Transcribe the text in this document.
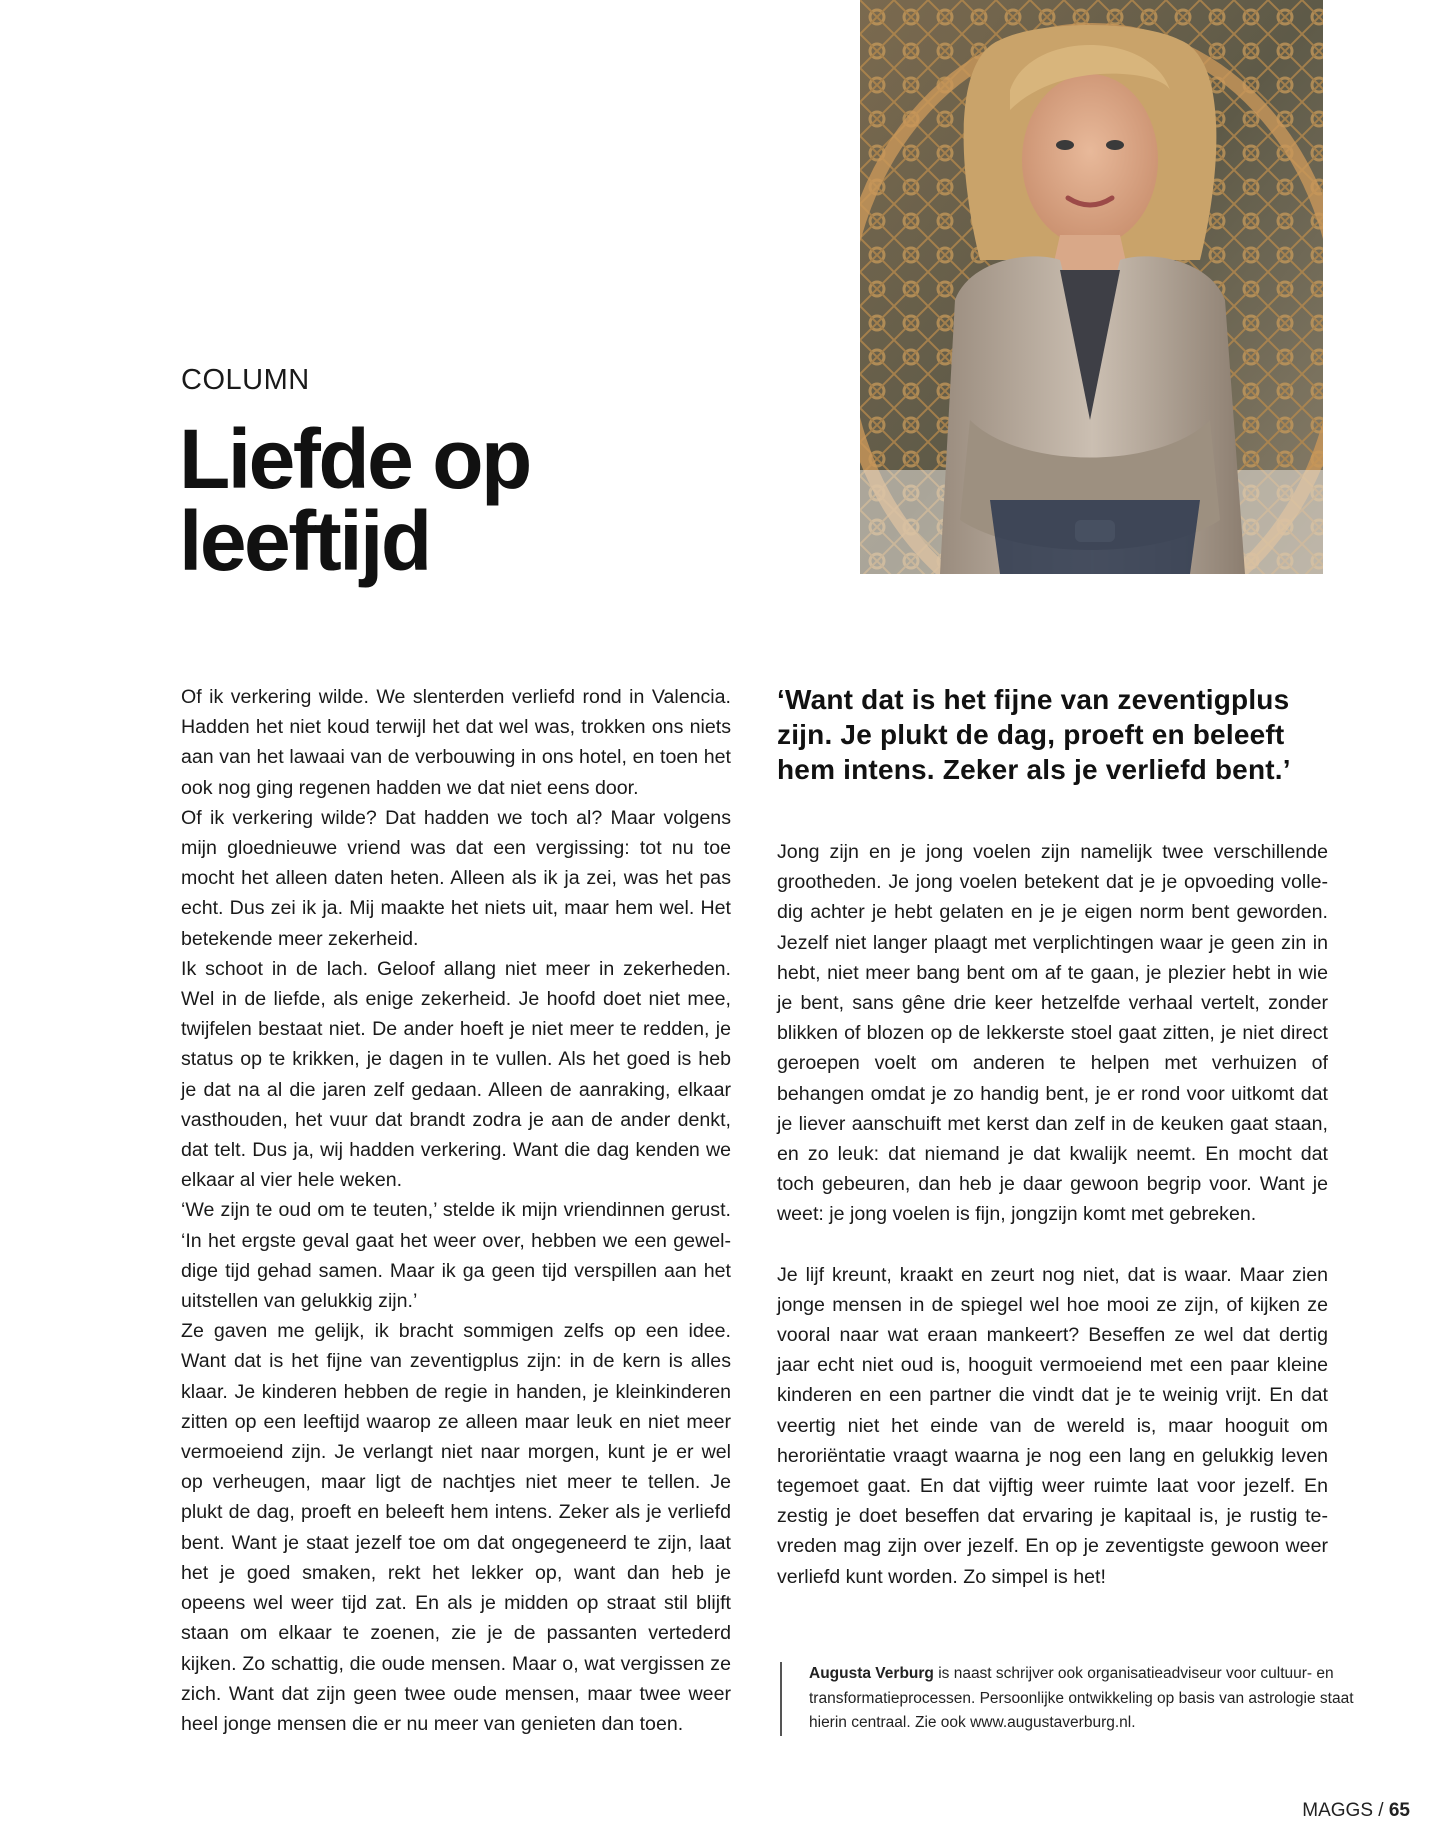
COLUMN
Liefde op leeftijd

Of ik verkering wilde. We slenterden verliefd rond in Valencia. Hadden het niet koud terwijl het dat wel was, trokken ons niets aan van het lawaai van de verbouwing in ons hotel, en toen het ook nog ging regenen hadden we dat niet eens door.

Of ik verkering wilde? Dat hadden we toch al? Maar volgens mijn gloednieuwe vriend was dat een vergissing: tot nu toe mocht het alleen daten heten. Alleen als ik ja zei, was het pas echt. Dus zei ik ja. Mij maakte het niets uit, maar hem wel. Het betekende meer zekerheid.

Ik schoot in de lach. Geloof allang niet meer in zekerheden. Wel in de liefde, als enige zekerheid. Je hoofd doet niet mee, twijfelen bestaat niet. De ander hoeft je niet meer te redden, je status op te krikken, je dagen in te vullen. Als het goed is heb je dat na al die jaren zelf gedaan. Alleen de aanraking, elkaar vasthouden, het vuur dat brandt zodra je aan de ander denkt, dat telt. Dus ja, wij hadden verkering. Want die dag kenden we elkaar al vier hele weken.

‘We zijn te oud om te teuten,’ stelde ik mijn vriendinnen gerust. ‘In het ergste geval gaat het weer over, hebben we een geweldige tijd gehad samen. Maar ik ga geen tijd verspillen aan het uitstellen van gelukkig zijn.’

Ze gaven me gelijk, ik bracht sommigen zelfs op een idee. Want dat is het fijne van zeventigplus zijn: in de kern is alles klaar. Je kinderen hebben de regie in handen, je kleinkinderen zitten op een leeftijd waarop ze alleen maar leuk en niet meer vermoeiend zijn. Je verlangt niet naar morgen, kunt je er wel op verheugen, maar ligt de nachtjes niet meer te tellen. Je plukt de dag, proeft en beleeft hem intens. Zeker als je verliefd bent. Want je staat jezelf toe om dat ongegeneerd te zijn, laat het je goed smaken, rekt het lekker op, want dan heb je opeens wel weer tijd zat. En als je midden op straat stil blijft staan om elkaar te zoenen, zie je de passanten vertederd kijken. Zo schattig, die oude mensen. Maar o, wat vergissen ze zich. Want dat zijn geen twee oude mensen, maar twee weer heel jonge mensen die er nu meer van genieten dan toen.

‘Want dat is het fijne van zeventigplus zijn. Je plukt de dag, proeft en beleeft hem intens. Zeker als je verliefd bent.’

Jong zijn en je jong voelen zijn namelijk twee verschillende grootheden. Je jong voelen betekent dat je je opvoeding volledig achter je hebt gelaten en je je eigen norm bent geworden. Jezelf niet langer plaagt met verplichtingen waar je geen zin in hebt, niet meer bang bent om af te gaan, je plezier hebt in wie je bent, sans gêne drie keer hetzelfde verhaal vertelt, zonder blikken of blozen op de lekkerste stoel gaat zitten, je niet direct geroepen voelt om anderen te helpen met verhuizen of behangen omdat je zo handig bent, je er rond voor uitkomt dat je liever aanschuift met kerst dan zelf in de keuken gaat staan, en zo leuk: dat niemand je dat kwalijk neemt. En mocht dat toch gebeuren, dan heb je daar gewoon begrip voor. Want je weet: je jong voelen is fijn, jongzijn komt met gebreken.

Je lijf kreunt, kraakt en zeurt nog niet, dat is waar. Maar zien jonge mensen in de spiegel wel hoe mooi ze zijn, of kijken ze vooral naar wat eraan mankeert? Beseffen ze wel dat dertig jaar echt niet oud is, hooguit vermoeiend met een paar kleine kinderen en een partner die vindt dat je te weinig vrijt. En dat veertig niet het einde van de wereld is, maar hooguit om heroriëntatie vraagt waarna je nog een lang en gelukkig leven tegemoet gaat. En dat vijftig weer ruimte laat voor jezelf. En zestig je doet beseffen dat ervaring je kapitaal is, je rustig tevreden mag zijn over jezelf. En op je zeventigste gewoon weer verliefd kunt worden. Zo simpel is het!

Augusta Verburg is naast schrijver ook organisatieadviseur voor cultuur- en transformatieprocessen. Persoonlijke ontwikkeling op basis van astrologie staat hierin centraal. Zie ook www.augustaverburg.nl.
MAGGS / 65
